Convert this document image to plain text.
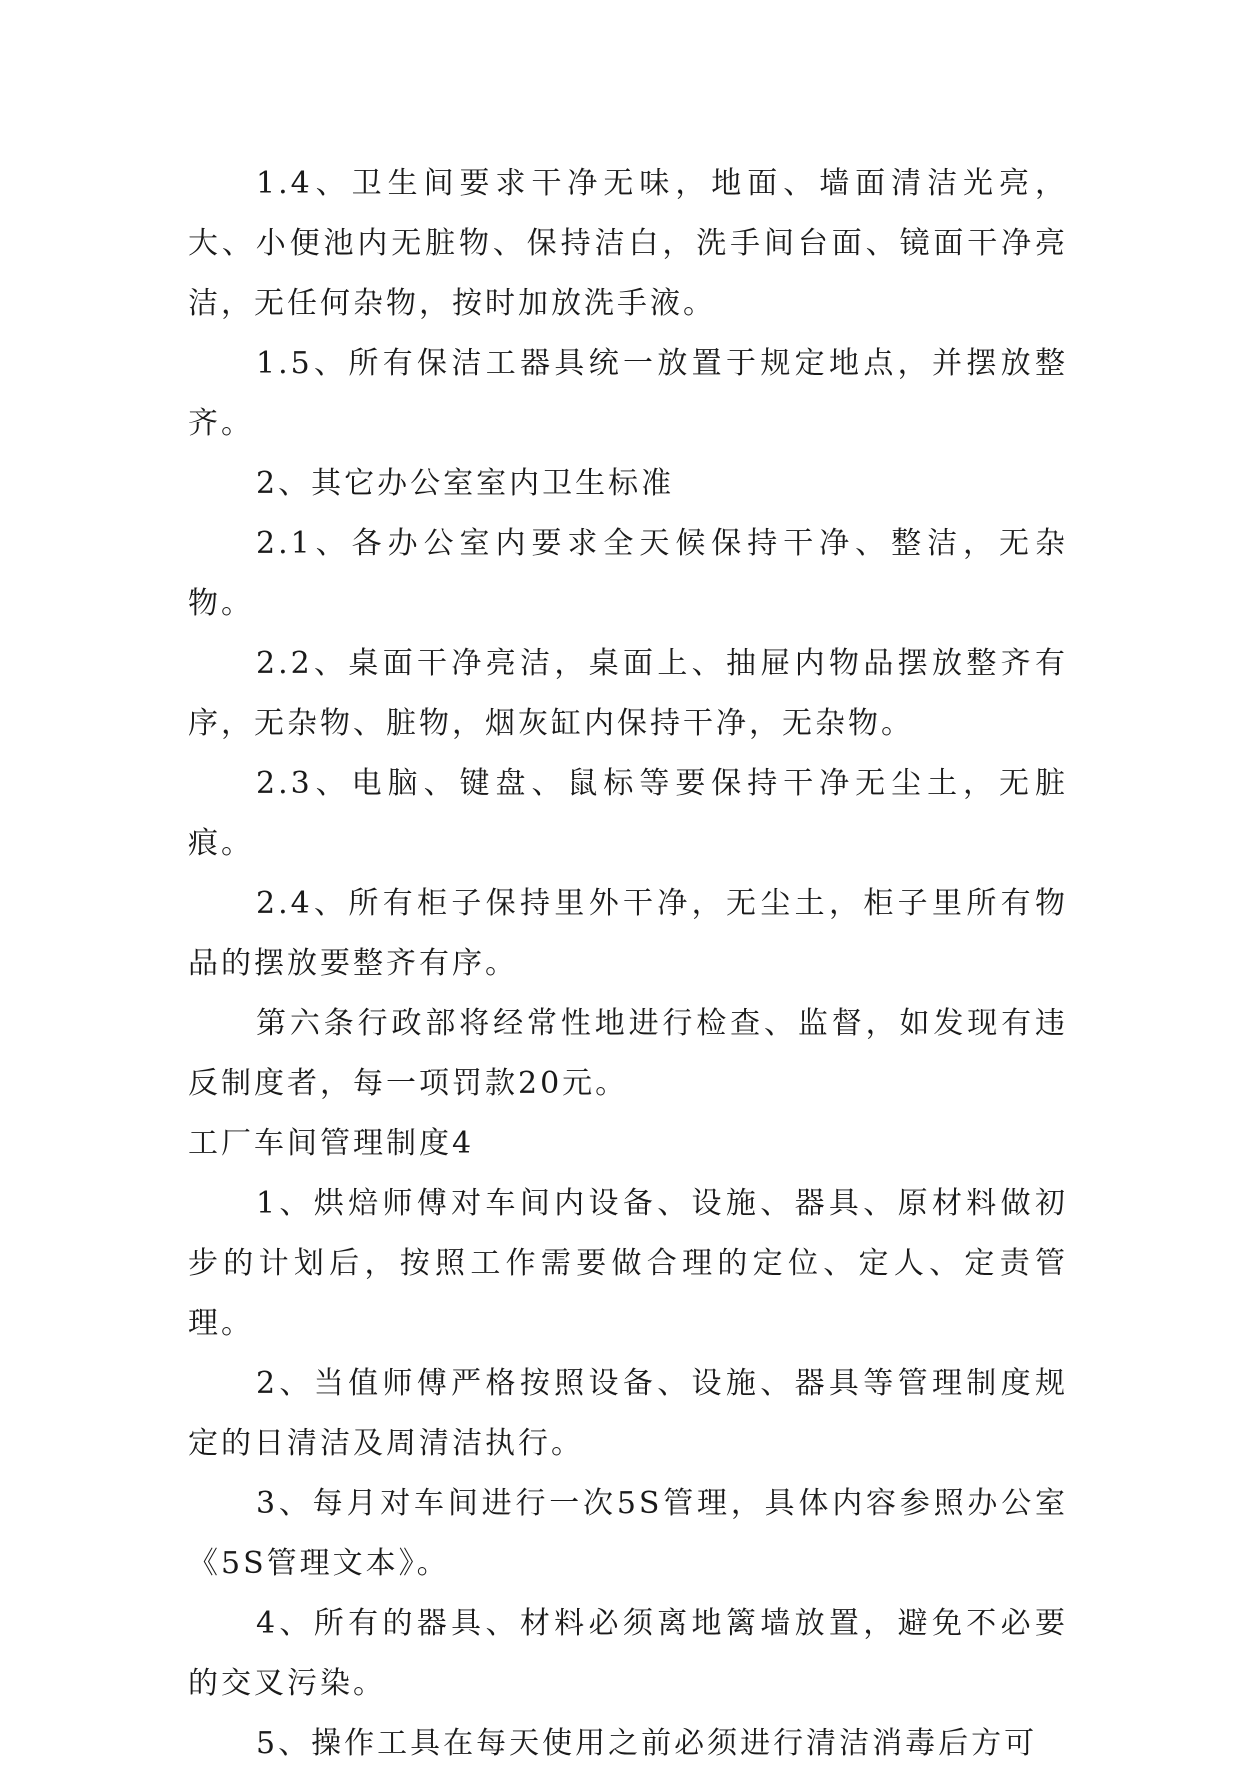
1.4、卫生间要求干净无味，地面、墙面清洁光亮，大、小便池内无脏物、保持洁白，洗手间台面、镜面干净亮洁，无任何杂物，按时加放洗手液。

1.5、所有保洁工器具统一放置于规定地点，并摆放整齐。

2、其它办公室室内卫生标准

2.1、各办公室内要求全天候保持干净、整洁，无杂物。

2.2、桌面干净亮洁，桌面上、抽屉内物品摆放整齐有序，无杂物、脏物，烟灰缸内保持干净，无杂物。

2.3、电脑、键盘、鼠标等要保持干净无尘土，无脏痕。

2.4、所有柜子保持里外干净，无尘土，柜子里所有物品的摆放要整齐有序。

第六条行政部将经常性地进行检查、监督，如发现有违反制度者，每一项罚款20元。

工厂车间管理制度4

1、烘焙师傅对车间内设备、设施、器具、原材料做初步的计划后，按照工作需要做合理的定位、定人、定责管理。

2、当值师傅严格按照设备、设施、器具等管理制度规定的日清洁及周清洁执行。

3、每月对车间进行一次5S管理，具体内容参照办公室《5S管理文本》。

4、所有的器具、材料必须离地篱墙放置，避免不必要的交叉污染。

5、操作工具在每天使用之前必须进行清洁消毒后方可
